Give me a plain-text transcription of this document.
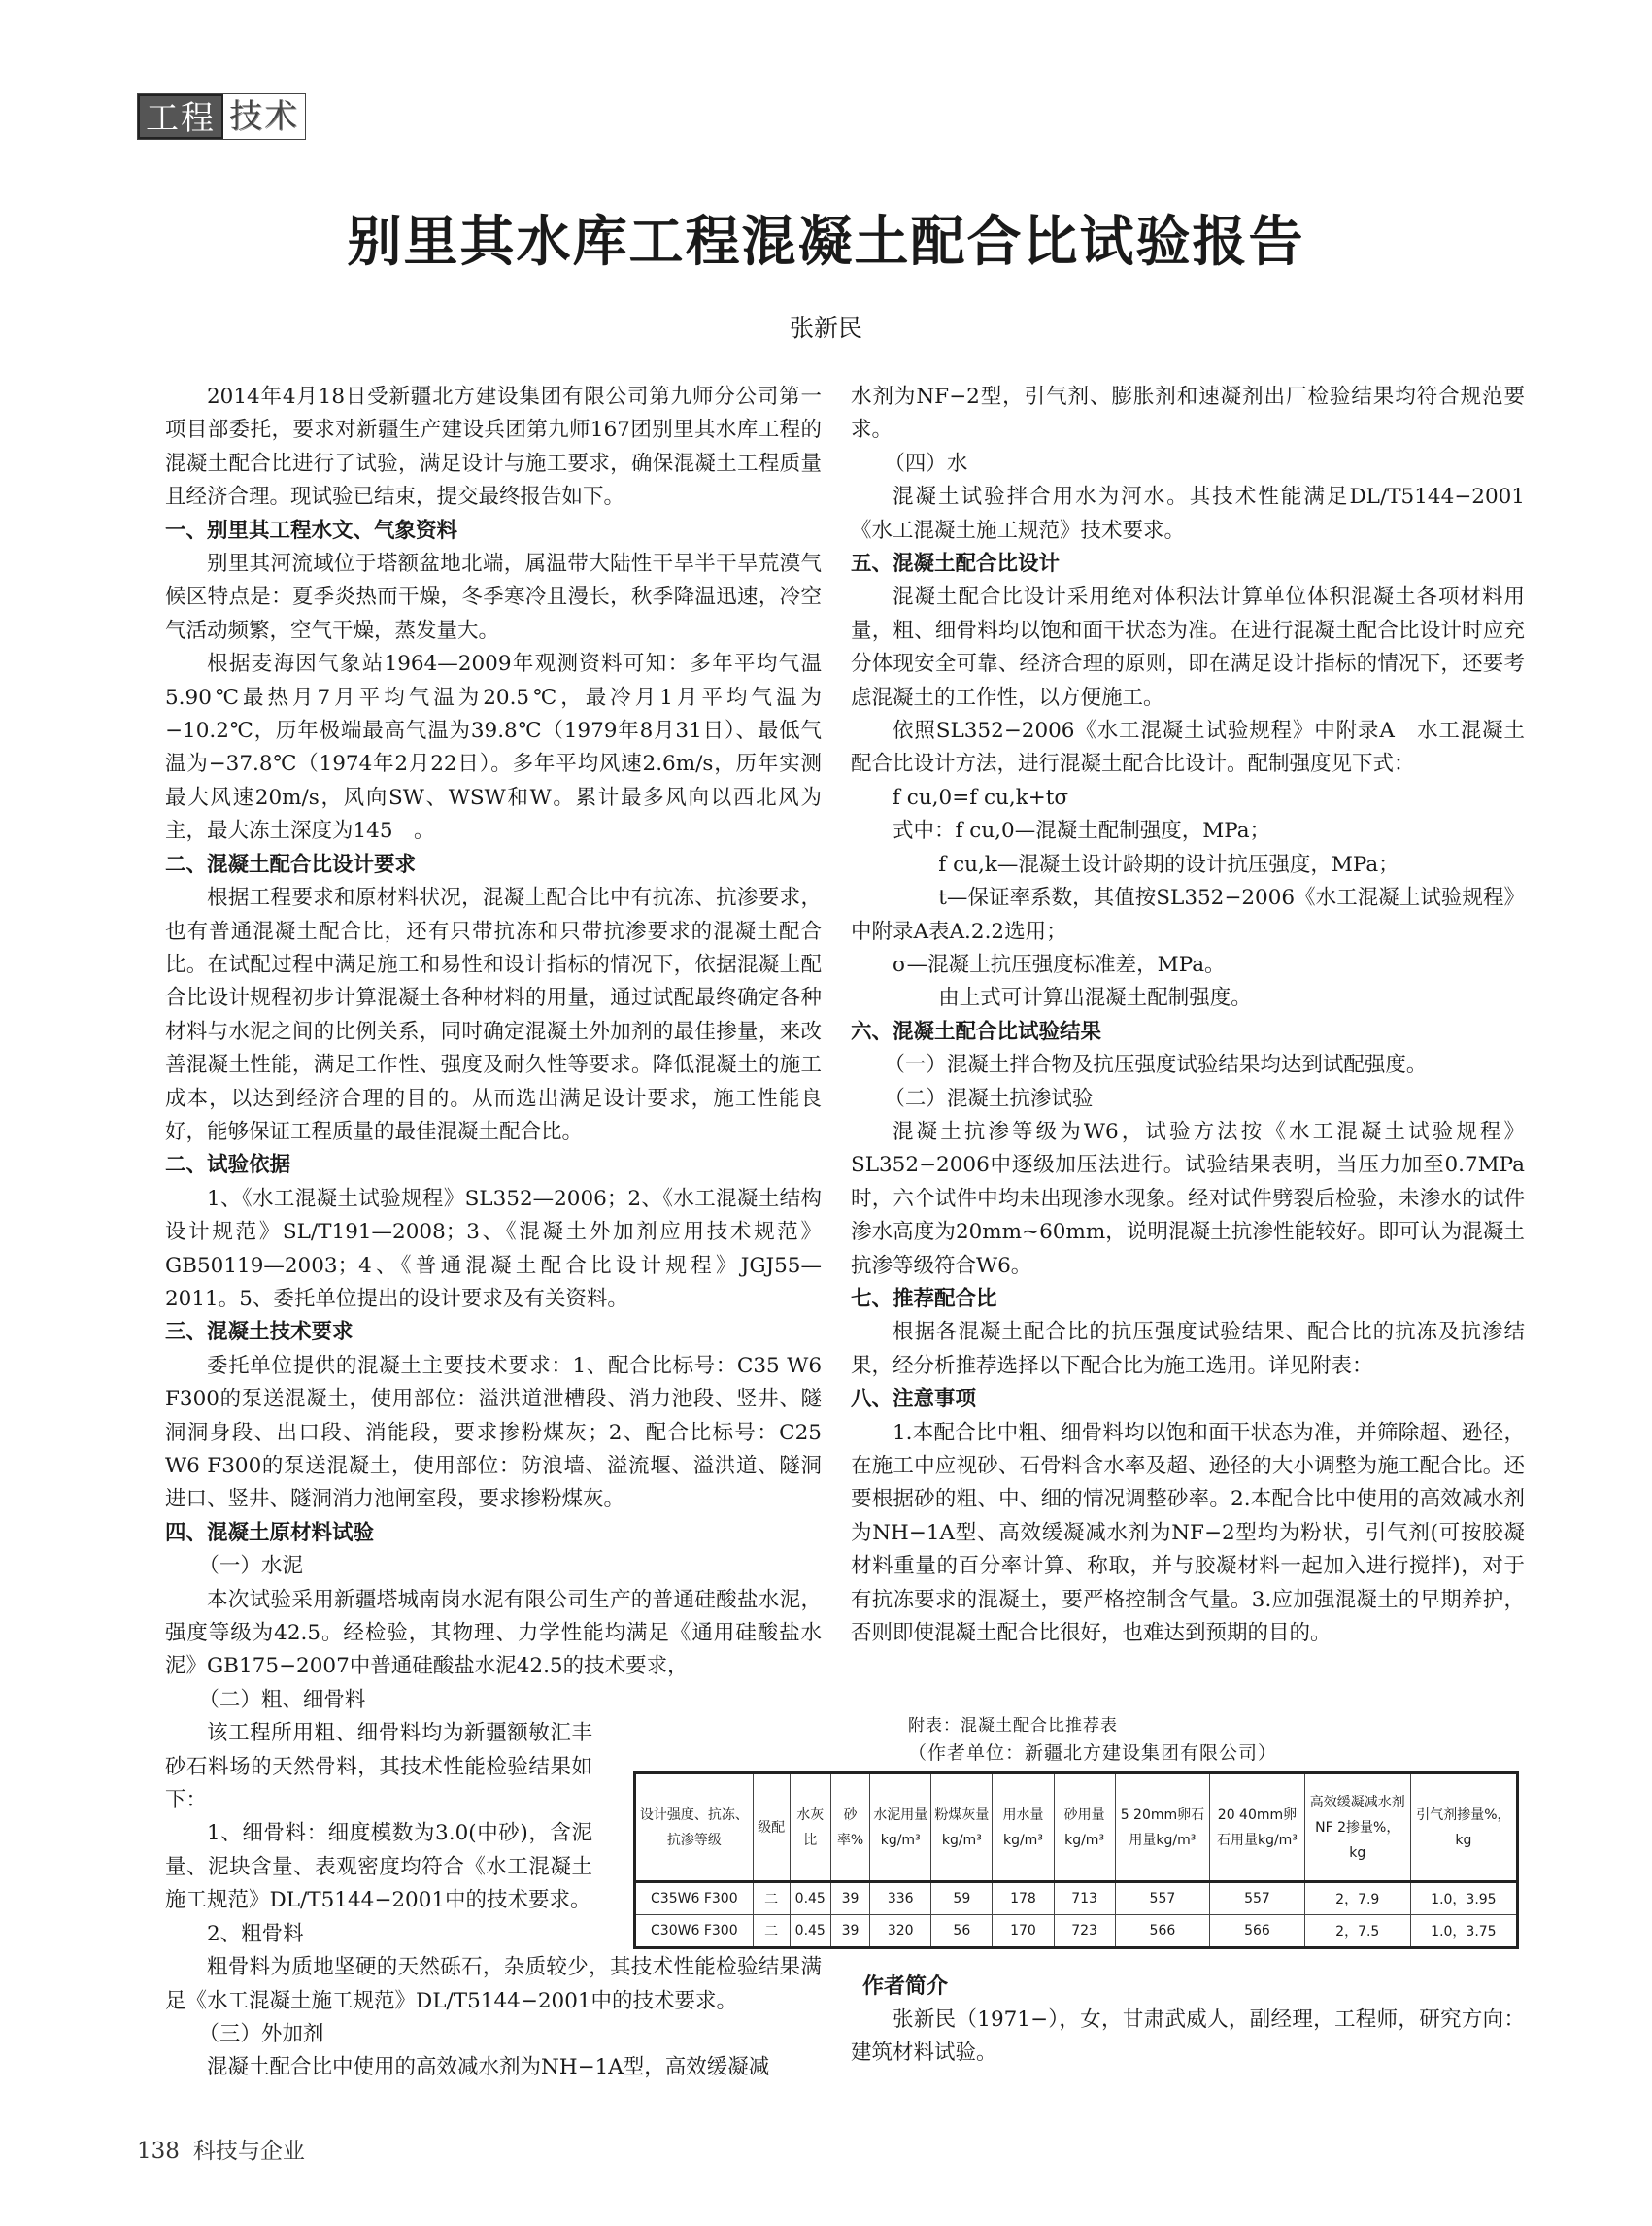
工程 技术
别里其水库工程混凝土配合比试验报告

张新民

2014年4月18日受新疆北方建设集团有限公司第九师分公司第一项目部委托，要求对新疆生产建设兵团第九师167团别里其水库工程的混凝土配合比进行了试验，满足设计与施工要求，确保混凝土工程质量且经济合理。现试验已结束，提交最终报告如下。

一、别里其工程水文、气象资料

别里其河流域位于塔额盆地北端，属温带大陆性干旱半干旱荒漠气候区特点是：夏季炎热而干燥，冬季寒冷且漫长，秋季降温迅速，冷空气活动频繁，空气干燥，蒸发量大。

根据麦海因气象站1964—2009年观测资料可知：多年平均气温5.90℃最热月7月平均气温为20.5℃，最冷月1月平均气温为−10.2℃，历年极端最高气温为39.8℃（1979年8月31日）、最低气温为−37.8℃（1974年2月22日）。多年平均风速2.6m/s，历年实测最大风速20m/s，风向SW、WSW和W。累计最多风向以西北风为主，最大冻土深度为145　。

二、混凝土配合比设计要求

根据工程要求和原材料状况，混凝土配合比中有抗冻、抗渗要求，也有普通混凝土配合比，还有只带抗冻和只带抗渗要求的混凝土配合比。在试配过程中满足施工和易性和设计指标的情况下，依据混凝土配合比设计规程初步计算混凝土各种材料的用量，通过试配最终确定各种材料与水泥之间的比例关系，同时确定混凝土外加剂的最佳掺量，来改善混凝土性能，满足工作性、强度及耐久性等要求。降低混凝土的施工成本，以达到经济合理的目的。从而选出满足设计要求，施工性能良好，能够保证工程质量的最佳混凝土配合比。

二、试验依据

1、《水工混凝土试验规程》SL352—2006；2、《水工混凝土结构设计规范》SL/T191—2008；3、《混凝土外加剂应用技术规范》GB50119—2003；4、《普通混凝土配合比设计规程》JGJ55—2011。5、委托单位提出的设计要求及有关资料。

三、混凝土技术要求

委托单位提供的混凝土主要技术要求：1、配合比标号：C35 W6 F300的泵送混凝土，使用部位：溢洪道泄槽段、消力池段、竖井、隧洞洞身段、出口段、消能段，要求掺粉煤灰；2、配合比标号：C25 W6 F300的泵送混凝土，使用部位：防浪墙、溢流堰、溢洪道、隧洞进口、竖井、隧洞消力池闸室段，要求掺粉煤灰。

四、混凝土原材料试验

（一）水泥

本次试验采用新疆塔城南岗水泥有限公司生产的普通硅酸盐水泥，强度等级为42.5。经检验，其物理、力学性能均满足《通用硅酸盐水泥》GB175−2007中普通硅酸盐水泥42.5的技术要求，

（二）粗、细骨料

该工程所用粗、细骨料均为新疆额敏汇丰砂石料场的天然骨料，其技术性能检验结果如下：

1、细骨料：细度模数为3.0(中砂)，含泥量、泥块含量、表观密度均符合《水工混凝土施工规范》DL/T5144−2001中的技术要求。

2、粗骨料

粗骨料为质地坚硬的天然砾石，杂质较少，其技术性能检验结果满足《水工混凝土施工规范》DL/T5144−2001中的技术要求。

（三）外加剂

混凝土配合比中使用的高效减水剂为NH−1A型，高效缓凝减

水剂为NF−2型，引气剂、膨胀剂和速凝剂出厂检验结果均符合规范要求。

（四）水

混凝土试验拌合用水为河水。其技术性能满足DL/T5144−2001《水工混凝土施工规范》技术要求。

五、混凝土配合比设计

混凝土配合比设计采用绝对体积法计算单位体积混凝土各项材料用量，粗、细骨料均以饱和面干状态为准。在进行混凝土配合比设计时应充分体现安全可靠、经济合理的原则，即在满足设计指标的情况下，还要考虑混凝土的工作性，以方便施工。

依照SL352−2006《水工混凝土试验规程》中附录A　水工混凝土配合比设计方法，进行混凝土配合比设计。配制强度见下式：

f cu,0=f cu,k+tσ

式中：f cu,0—混凝土配制强度，MPa；

f cu,k—混凝土设计龄期的设计抗压强度，MPa；

t—保证率系数，其值按SL352−2006《水工混凝土试验规程》中附录A表A.2.2选用；

σ—混凝土抗压强度标准差，MPa。

由上式可计算出混凝土配制强度。

六、混凝土配合比试验结果

（一）混凝土拌合物及抗压强度试验结果均达到试配强度。

（二）混凝土抗渗试验

混凝土抗渗等级为W6，试验方法按《水工混凝土试验规程》SL352−2006中逐级加压法进行。试验结果表明，当压力加至0.7MPa时，六个试件中均未出现渗水现象。经对试件劈裂后检验，未渗水的试件渗水高度为20mm~60mm，说明混凝土抗渗性能较好。即可认为混凝土抗渗等级符合W6。

七、推荐配合比

根据各混凝土配合比的抗压强度试验结果、配合比的抗冻及抗渗结果，经分析推荐选择以下配合比为施工选用。详见附表：

八、注意事项

1.本配合比中粗、细骨料均以饱和面干状态为准，并筛除超、逊径，在施工中应视砂、石骨料含水率及超、逊径的大小调整为施工配合比。还要根据砂的粗、中、细的情况调整砂率。2.本配合比中使用的高效减水剂为NH−1A型、高效缓凝减水剂为NF−2型均为粉状，引气剂(可按胶凝材料重量的百分率计算、称取，并与胶凝材料一起加入进行搅拌)，对于有抗冻要求的混凝土，要严格控制含气量。3.应加强混凝土的早期养护，否则即使混凝土配合比很好，也难达到预期的目的。

附表：混凝土配合比推荐表
（作者单位：新疆北方建设集团有限公司）
设计强度、抗冻、抗渗等级	级配	水灰比	砂率%	水泥用量kg/m³	粉煤灰量kg/m³	用水量kg/m³	砂用量kg/m³	5 20mm卵石用量kg/m³	20 40mm卵石用量kg/m³	高效缓凝减水剂NF 2掺量%，kg	引气剂掺量%，kg
C35W6 F300	二	0.45	39	336	59	178	713	557	557	2，7.9	1.0，3.95
C30W6 F300	二	0.45	39	320	56	170	723	566	566	2，7.5	1.0，3.75
作者简介

张新民（1971−），女，甘肃武威人，副经理，工程师，研究方向：建筑材料试验。

138 科技与企业
